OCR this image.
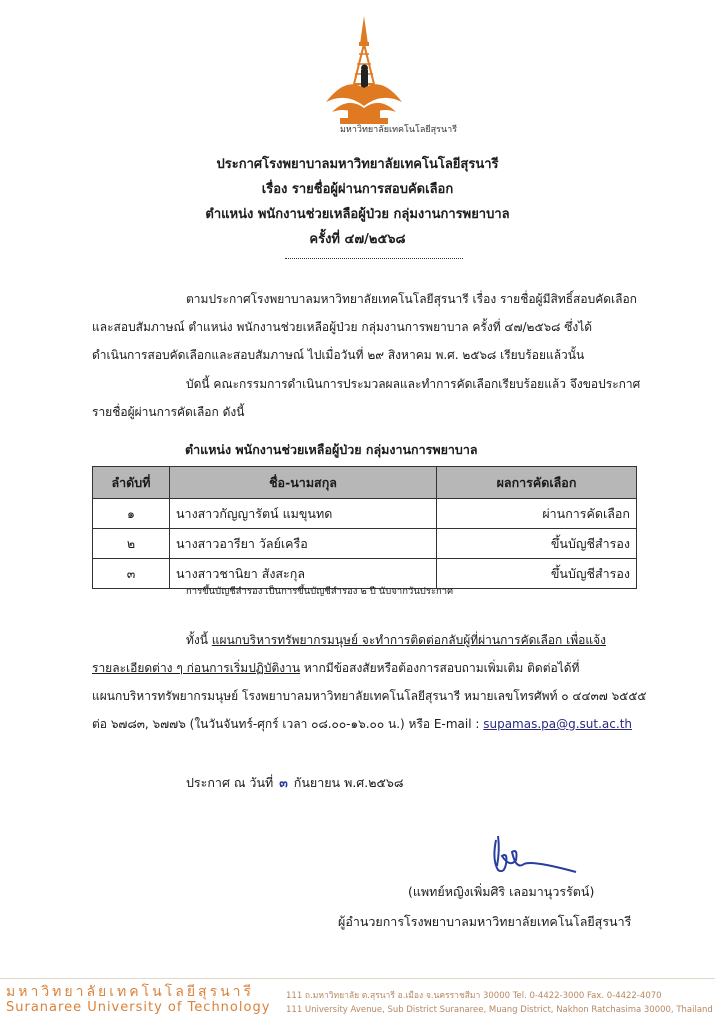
มหาวิทยาลัยเทคโนโลยีสุรนารี
ประกาศโรงพยาบาลมหาวิทยาลัยเทคโนโลยีสุรนารี
เรื่อง รายชื่อผู้ผ่านการสอบคัดเลือก
ตำแหน่ง พนักงานช่วยเหลือผู้ป่วย กลุ่มงานการพยาบาล
ครั้งที่ ๔๗/๒๕๖๘
ตามประกาศโรงพยาบาลมหาวิทยาลัยเทคโนโลยีสุรนารี เรื่อง รายชื่อผู้มีสิทธิ์สอบคัดเลือก
และสอบสัมภาษณ์ ตำแหน่ง พนักงานช่วยเหลือผู้ป่วย กลุ่มงานการพยาบาล ครั้งที่ ๔๗/๒๕๖๘ ซึ่งได้
ดำเนินการสอบคัดเลือกและสอบสัมภาษณ์ ไปเมื่อวันที่ ๒๙ สิงหาคม พ.ศ. ๒๕๖๘ เรียบร้อยแล้วนั้น
บัดนี้ คณะกรรมการดำเนินการประมวลผลและทำการคัดเลือกเรียบร้อยแล้ว จึงขอประกาศ
รายชื่อผู้ผ่านการคัดเลือก ดังนี้
ตำแหน่ง พนักงานช่วยเหลือผู้ป่วย กลุ่มงานการพยาบาล
ลำดับที่	ชื่อ-นามสกุล	ผลการคัดเลือก
๑	นางสาวกัญญารัตน์ แมขุนทด	ผ่านการคัดเลือก
๒	นางสาวอารียา วัลย์เครือ	ขึ้นบัญชีสำรอง
๓	นางสาวชานิยา สังสะกุล	ขึ้นบัญชีสำรอง
การขึ้นบัญชีสำรอง เป็นการขึ้นบัญชีสำรอง ๒ ปี นับจากวันประกาศ
ทั้งนี้ แผนกบริหารทรัพยากรมนุษย์ จะทำการติดต่อกลับผู้ที่ผ่านการคัดเลือก เพื่อแจ้ง
รายละเอียดต่าง ๆ ก่อนการเริ่มปฏิบัติงาน หากมีข้อสงสัยหรือต้องการสอบถามเพิ่มเติม ติดต่อได้ที่
แผนกบริหารทรัพยากรมนุษย์ โรงพยาบาลมหาวิทยาลัยเทคโนโลยีสุรนารี หมายเลขโทรศัพท์ ๐ ๔๔๓๗ ๖๕๕๕
ต่อ ๖๗๘๓, ๖๗๗๖ (ในวันจันทร์-ศุกร์ เวลา ๐๘.๐๐-๑๖.๐๐ น.) หรือ E-mail : supamas.pa@g.sut.ac.th
ประกาศ ณ วันที่ ๓ กันยายน พ.ศ.๒๕๖๘
(แพทย์หญิงเพิ่มศิริ เลอมานุวรรัตน์)
ผู้อำนวยการโรงพยาบาลมหาวิทยาลัยเทคโนโลยีสุรนารี
มหาวิทยาลัยเทคโนโลยีสุรนารี
Suranaree University of Technology
111 ถ.มหาวิทยาลัย ต.สุรนารี อ.เมือง จ.นครราชสีมา 30000 Tel. 0-4422-3000 Fax. 0-4422-4070
111 University Avenue, Sub District Suranaree, Muang District, Nakhon Ratchasima 30000, Thailand
